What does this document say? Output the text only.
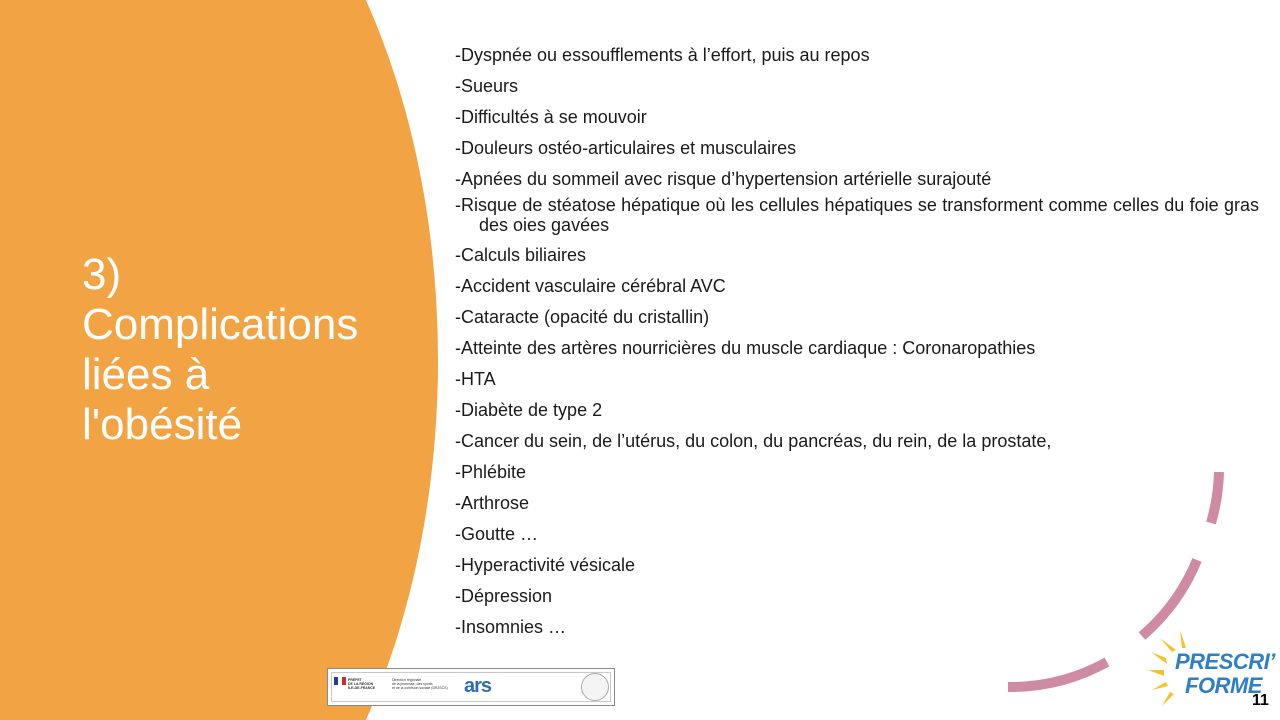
3)
Complications
liées à
l'obésité
-Dyspnée ou essoufflements à l’effort, puis au repos
-Sueurs
-Difficultés à se mouvoir
-Douleurs ostéo-articulaires et musculaires
-Apnées du sommeil avec risque d’hypertension artérielle surajouté
-Risque de stéatose hépatique où les cellules hépatiques se transforment comme celles du foie gras des oies gavées
-Calculs biliaires
-Accident vasculaire cérébral AVC
-Cataracte (opacité du cristallin)
-Atteinte des artères nourricières du muscle cardiaque : Coronaropathies
-HTA
-Diabète de type 2
-Cancer du sein, de l’utérus, du colon, du pancréas, du rein, de la prostate,
-Phlébite
-Arthrose
-Goutte …
-Hyperactivité vésicale
-Dépression
-Insomnies …
PRÉFET
DE LA RÉGION
ÎLE-DE-FRANCE
Direction régionale
de la jeunesse, des sports
et de la cohésion sociale (DRJSCS) ars
PRESCRI’
FORME
11
